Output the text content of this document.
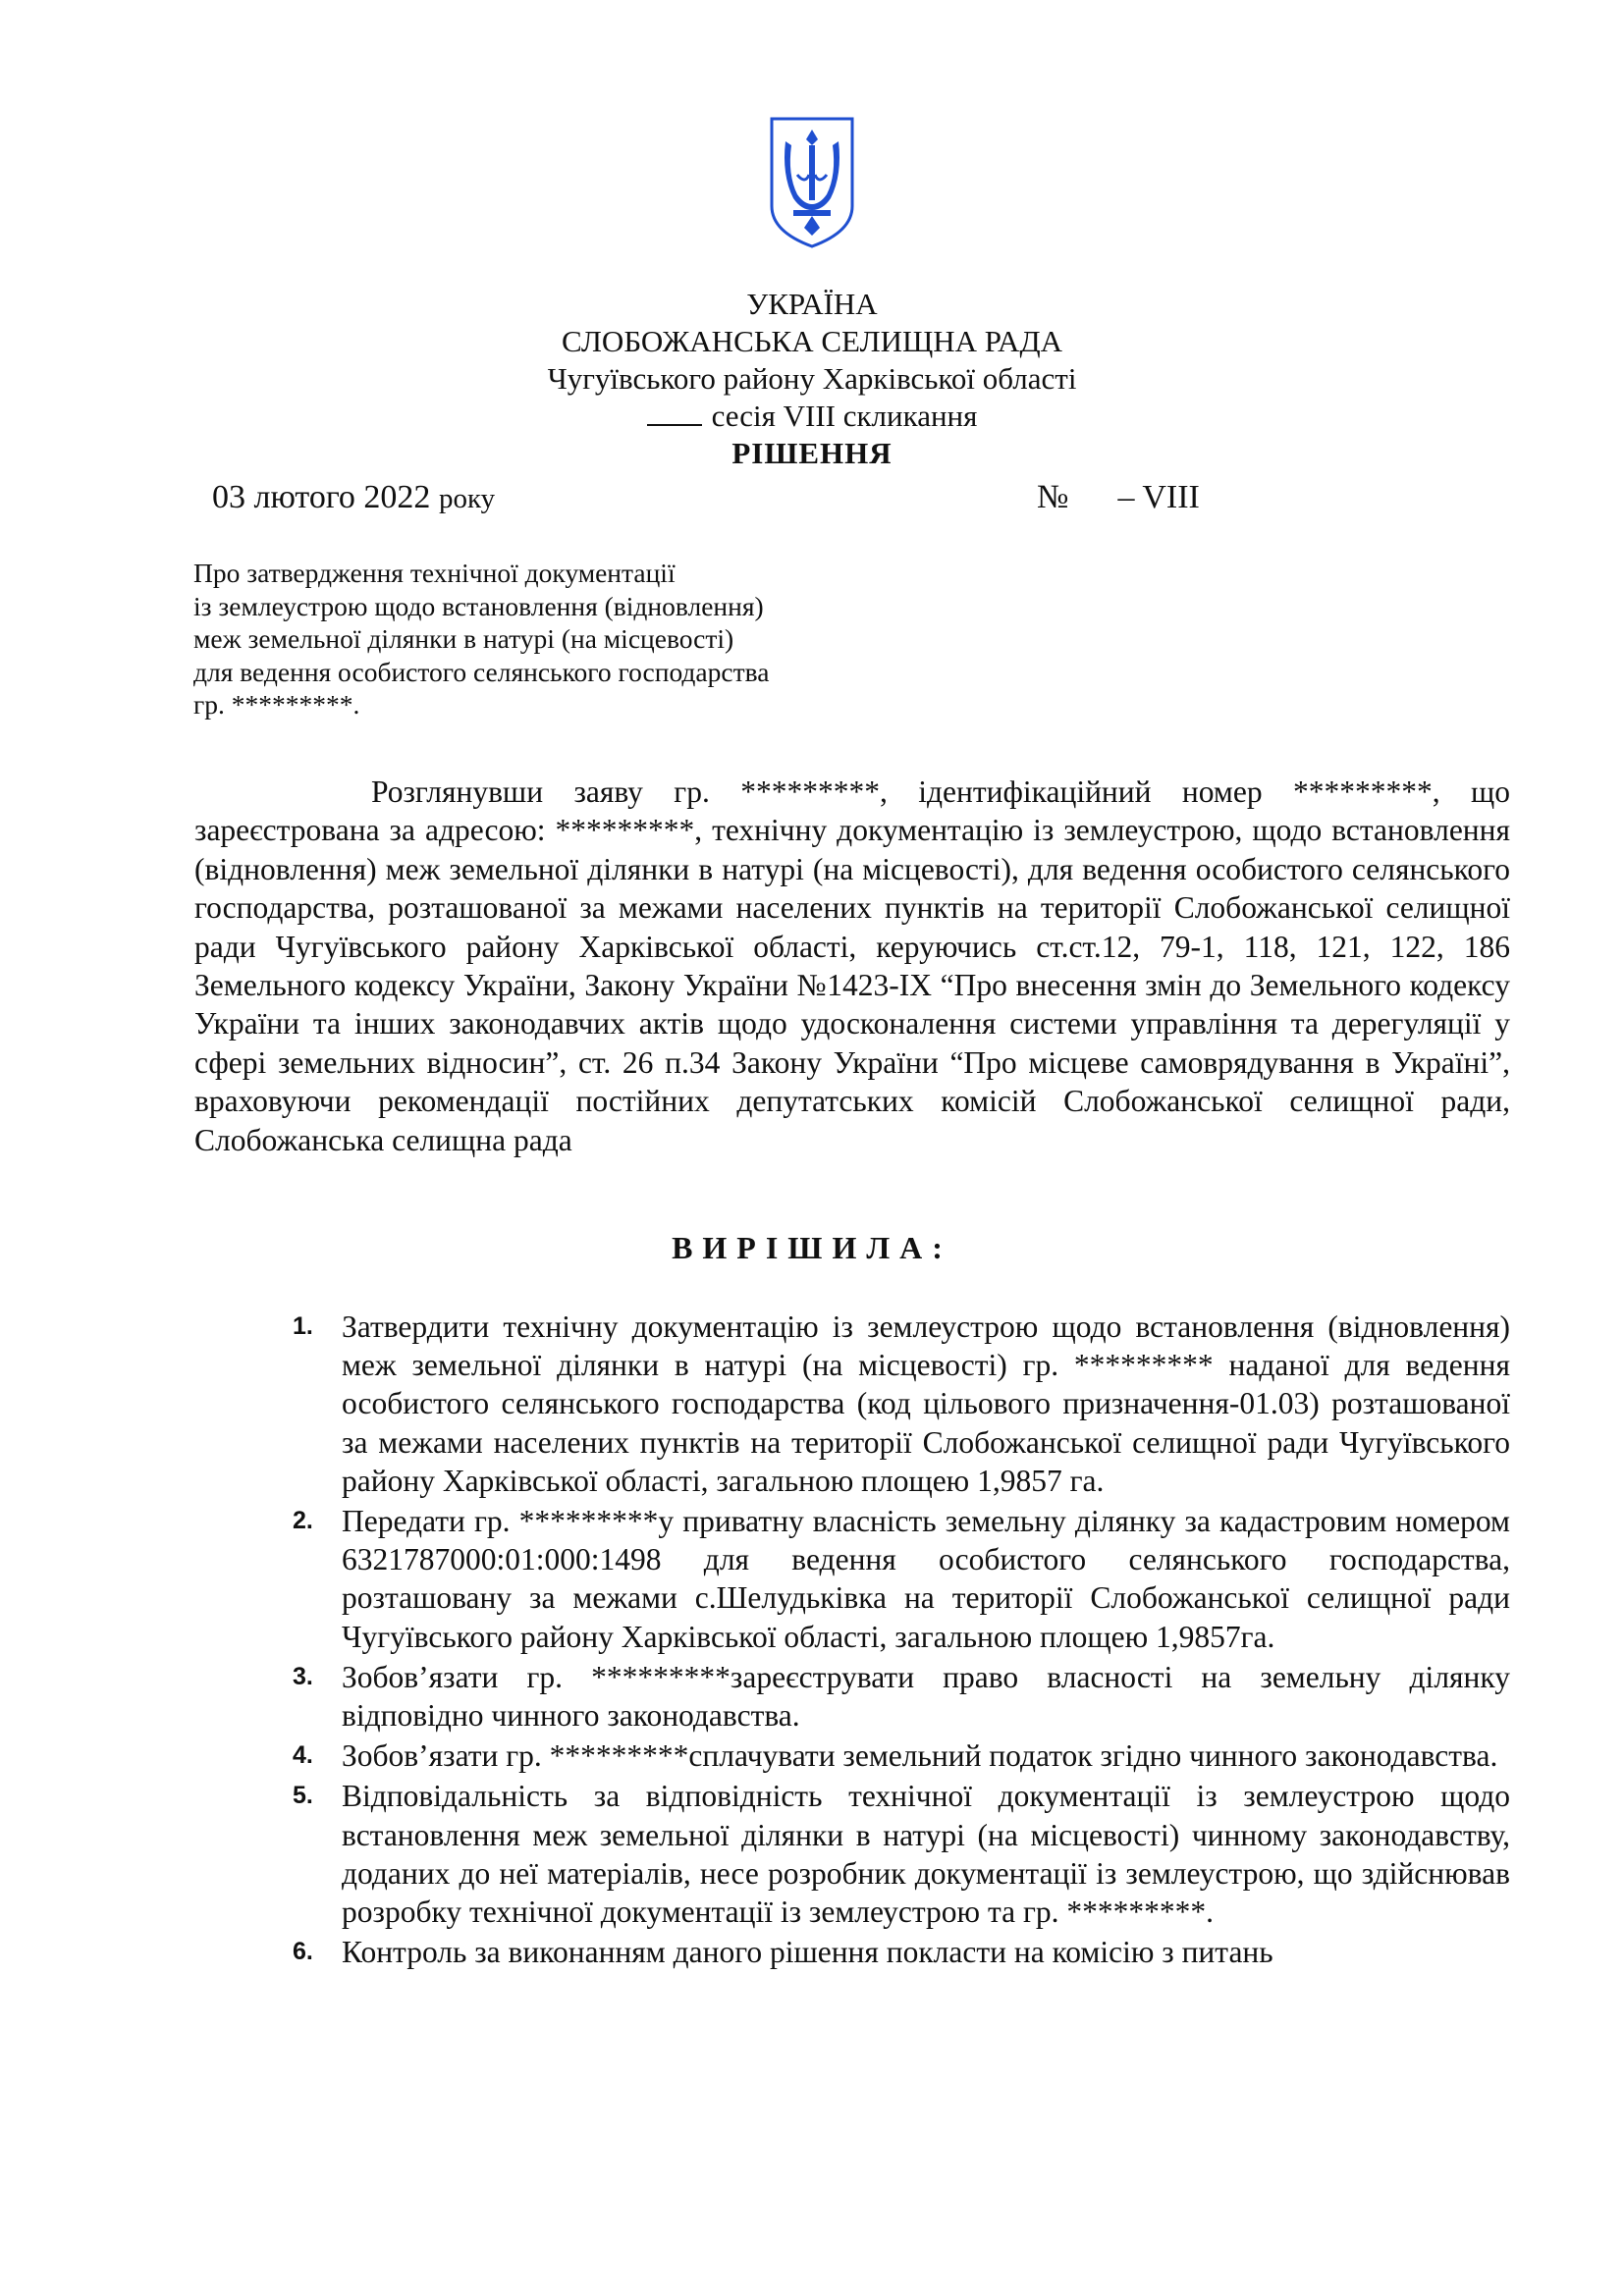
УКРАЇНА
СЛОБОЖАНСЬКА СЕЛИЩНА РАДА
Чугуївського району Харківської області
сесія VIII скликання
РІШЕННЯ
03 лютого 2022 року	№ – VIII
Про затвердження технічної документації
із землеустрою щодо встановлення (відновлення)
меж земельної ділянки в натурі (на місцевості)
для ведення особистого селянського господарства
гр. *********.

Розглянувши заяву гр. *********, ідентифікаційний номер *********, що зареєстрована за адресою: *********, технічну документацію із землеустрою, щодо встановлення (відновлення) меж земельної ділянки в натурі (на місцевості), для ведення особистого селянського господарства, розташованої за межами населених пунктів на території Слобожанської селищної ради Чугуївського району Харківської області, керуючись ст.ст.12, 79-1, 118, 121, 122, 186 Земельного кодексу України, Закону України №1423-ІХ “Про внесення змін до Земельного кодексу України та інших законодавчих актів щодо удосконалення системи управління та дерегуляції у сфері земельних відносин”, ст. 26 п.34 Закону України “Про місцеве самоврядування в Україні”, враховуючи рекомендації постійних депутатських комісій Слобожанської селищної ради, Слобожанська селищна рада

ВИРІШИЛА:
1. Затвердити технічну документацію із землеустрою щодо встановлення (відновлення) меж земельної ділянки в натурі (на місцевості) гр. ********* наданої для ведення особистого селянського господарства (код цільового призначення-01.03) розташованої за межами населених пунктів на території Слобожанської селищної ради Чугуївського району Харківської області, загальною площею 1,9857 га.
2. Передати гр. *********у приватну власність земельну ділянку за кадастровим номером 6321787000:01:000:1498 для ведення особистого селянського господарства, розташовану за межами с.Шелудьківка на території Слобожанської селищної ради Чугуївського району Харківської області, загальною площею 1,9857га.
3. Зобов’язати гр. *********зареєструвати право власності на земельну ділянку відповідно чинного законодавства.
4. Зобов’язати гр. *********сплачувати земельний податок згідно чинного законодавства.
5. Відповідальність за відповідність технічної документації із землеустрою щодо встановлення меж земельної ділянки в натурі (на місцевості) чинному законодавству, доданих до неї матеріалів, несе розробник документації із землеустрою, що здійснював розробку технічної документації із землеустрою та гр. *********.
6. Контроль за виконанням даного рішення покласти на комісію з питань
